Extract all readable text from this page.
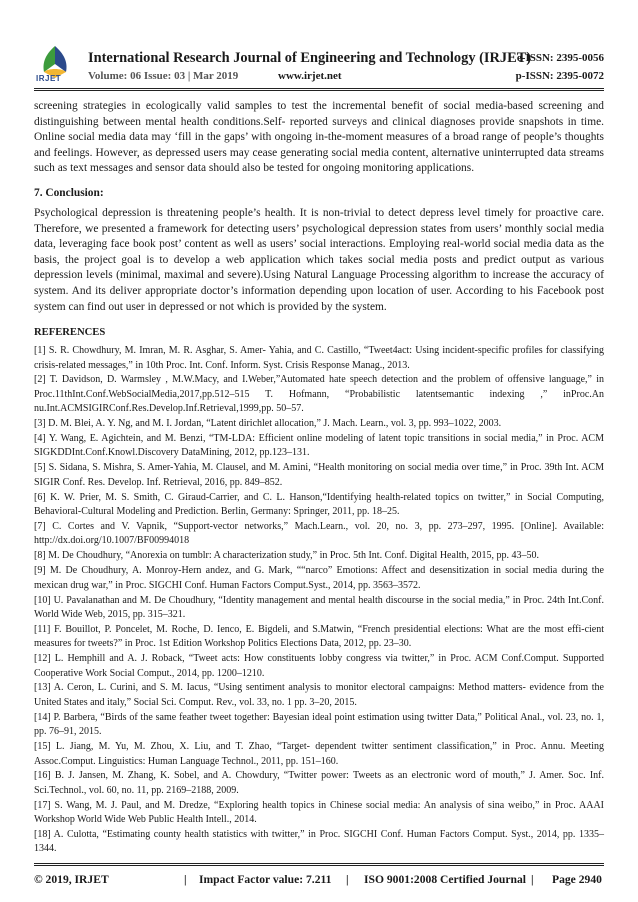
IRJET
International Research Journal of Engineering and Technology (IRJET)
Volume: 06 Issue: 03 | Mar 2019	www.irjet.net
e-ISSN: 2395-0056
p-ISSN: 2395-0072

screening strategies in ecologically valid samples to test the incremental benefit of social media-based screening and distinguishing between mental health conditions.Self- reported surveys and clinical diagnoses provide snapshots in time. Online social media data may ‘fill in the gaps’ with ongoing in-the-moment measures of a broad range of people’s thoughts and feelings. However, as depressed users may cease generating social media content, alternative uninterrupted data streams such as text messages and sensor data should also be tested for ongoing monitoring applications.

7. Conclusion:

Psychological depression is threatening people’s health. It is non-trivial to detect depress level timely for proactive care. Therefore, we presented a framework for detecting users’ psychological depression states from users’ monthly social media data, leveraging face book post’ content as well as users’ social interactions. Employing real-world social media data as the basis, the project goal is to develop a web application which takes social media posts and predict output as various depression levels (minimal, maximal and severe).Using Natural Language Processing algorithm to increase the accuracy of system. And its deliver appropriate doctor’s information depending upon location of user. According to his Facebook post system can find out user in depressed or not which is provided by the system.

REFERENCES

[1] S. R. Chowdhury, M. Imran, M. R. Asghar, S. Amer- Yahia, and C. Castillo, “Tweet4act: Using incident-specific profiles for classifying crisis-related messages,” in 10th Proc. Int. Conf. Inform. Syst. Crisis Response Manag., 2013.

[2] T. Davidson, D. Warmsley , M.W.Macy, and I.Weber,”Automated hate speech detection and the problem of offensive language,” in Proc.11thInt.Conf.WebSocialMedia,2017,pp.512–515 T. Hofmann, “Probabilistic latentsemantic indexing ,” inProc.An nu.Int.ACMSIGIRConf.Res.Develop.Inf.Retrieval,1999,pp. 50–57.

[3] D. M. Blei, A. Y. Ng, and M. I. Jordan, “Latent dirichlet allocation,” J. Mach. Learn., vol. 3, pp. 993–1022, 2003.

[4] Y. Wang, E. Agichtein, and M. Benzi, “TM-LDA: Efficient online modeling of latent topic transitions in social media,” in Proc. ACM SIGKDDInt.Conf.Knowl.Discovery DataMining, 2012, pp.123–131.

[5] S. Sidana, S. Mishra, S. Amer-Yahia, M. Clausel, and M. Amini, “Health monitoring on social media over time,” in Proc. 39th Int. ACM SIGIR Conf. Res. Develop. Inf. Retrieval, 2016, pp. 849–852.

[6] K. W. Prier, M. S. Smith, C. Giraud-Carrier, and C. L. Hanson,“Identifying health-related topics on twitter,” in Social Computing, Behavioral-Cultural Modeling and Prediction. Berlin, Germany: Springer, 2011, pp. 18–25.

[7] C. Cortes and V. Vapnik, “Support-vector networks,” Mach.Learn., vol. 20, no. 3, pp. 273–297, 1995. [Online]. Available: http://dx.doi.org/10.1007/BF00994018

[8] M. De Choudhury, “Anorexia on tumblr: A characterization study,” in Proc. 5th Int. Conf. Digital Health, 2015, pp. 43–50.

[9] M. De Choudhury, A. Monroy-Hern andez, and G. Mark, ““narco” Emotions: Affect and desensitization in social media during the mexican drug war,” in Proc. SIGCHI Conf. Human Factors Comput.Syst., 2014, pp. 3563–3572.

[10] U. Pavalanathan and M. De Choudhury, “Identity management and mental health discourse in the social media,” in Proc. 24th Int.Conf. World Wide Web, 2015, pp. 315–321.

[11] F. Bouillot, P. Poncelet, M. Roche, D. Ienco, E. Bigdeli, and S.Matwin, “French presidential elections: What are the most effi-cient measures for tweets?” in Proc. 1st Edition Workshop Politics Elections Data, 2012, pp. 23–30.

[12] L. Hemphill and A. J. Roback, “Tweet acts: How constituents lobby congress via twitter,” in Proc. ACM Conf.Comput. Supported Cooperative Work Social Comput., 2014, pp. 1200–1210.

[13] A. Ceron, L. Curini, and S. M. Iacus, “Using sentiment analysis to monitor electoral campaigns: Method matters- evidence from the United States and italy,” Social Sci. Comput. Rev., vol. 33, no. 1 pp. 3–20, 2015.

[14] P. Barbera, “Birds of the same feather tweet together: Bayesian ideal point estimation using twitter Data,” Political Anal., vol. 23, no. 1, pp. 76–91, 2015.

[15] L. Jiang, M. Yu, M. Zhou, X. Liu, and T. Zhao, “Target- dependent twitter sentiment classification,” in Proc. Annu. Meeting Assoc.Comput. Linguistics: Human Language Technol., 2011, pp. 151–160.

[16] B. J. Jansen, M. Zhang, K. Sobel, and A. Chowdury, “Twitter power: Tweets as an electronic word of mouth,” J. Amer. Soc. Inf. Sci.Technol., vol. 60, no. 11, pp. 2169–2188, 2009.

[17] S. Wang, M. J. Paul, and M. Dredze, “Exploring health topics in Chinese social media: An analysis of sina weibo,” in Proc. AAAI Workshop World Wide Web Public Health Intell., 2014.

[18] A. Culotta, “Estimating county health statistics with twitter,” in Proc. SIGCHI Conf. Human Factors Comput. Syst., 2014, pp. 1335–1344.

© 2019, IRJET	| Impact Factor value: 7.211 | ISO 9001:2008 Certified Journal | Page 2940
